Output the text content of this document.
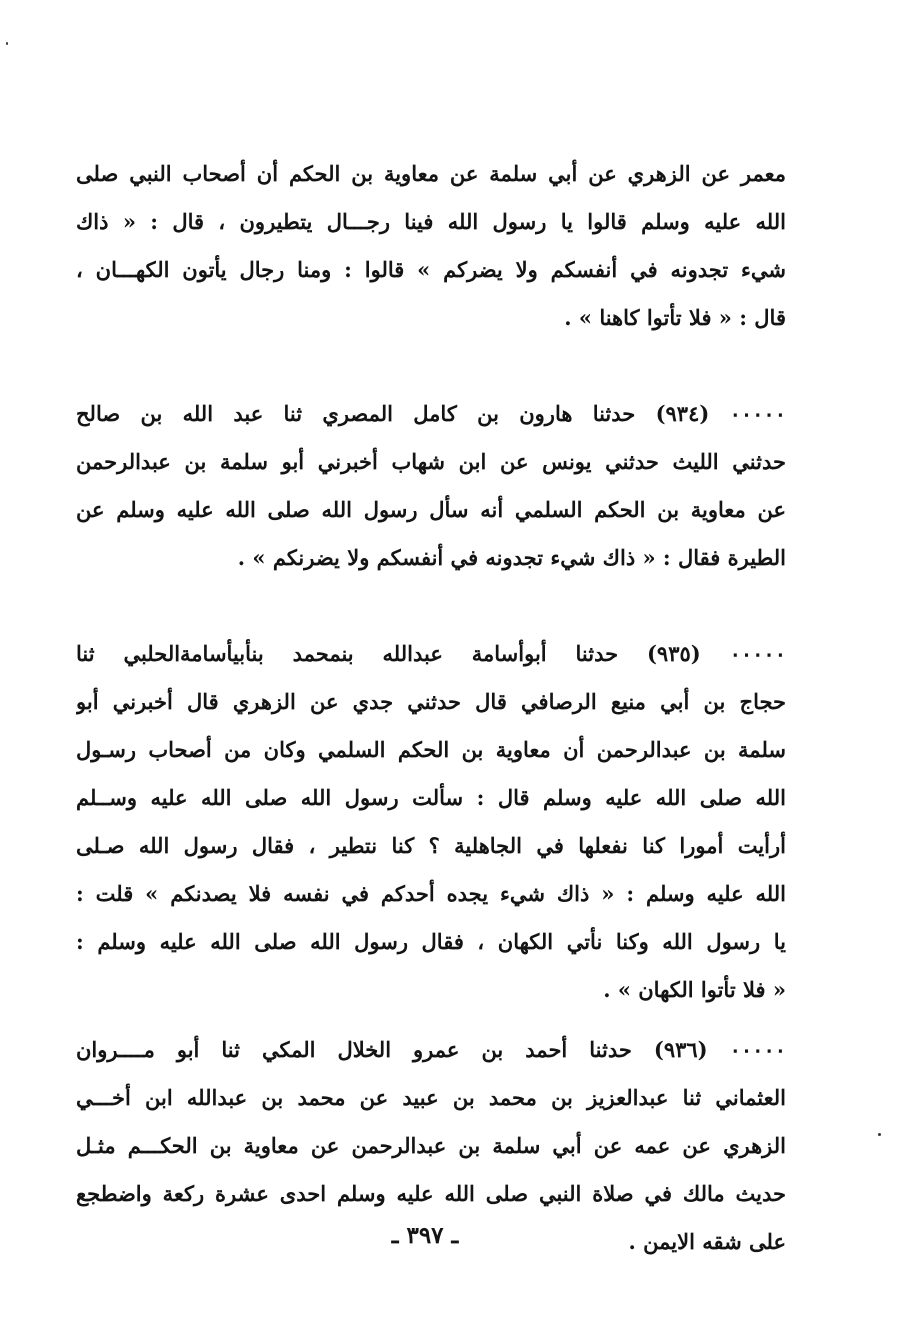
معمر عن الزهري عن أبي سلمة عن معاوية بن الحكم أن أصحاب النبي صلى
الله عليه وسلم قالوا يا رسول الله فينا رجـــال يتطيرون ، قال : « ذاك
شيء تجدونه في أنفسكم ولا يضركم » قالوا : ومنا رجال يأتون الكهـــان ،
قال : « فلا تأتوا كاهنا » .
٠٠٠٠٠ (٩٣٤) حدثنا هارون بن كامل المصري ثنا عبد الله بن صالح
حدثني الليث حدثني يونس عن ابن شهاب أخبرني أبو سلمة بن عبدالرحمن
عن معاوية بن الحكم السلمي أنه سأل رسول الله صلى الله عليه وسلم عن
الطيرة فقال : « ذاك شيء تجدونه في أنفسكم ولا يضرنكم » .
٠٠٠٠٠ (٩٣٥) حدثنا أبوأسامة عبدالله بنمحمد بنأبيأسامةالحلبي ثنا
حجاج بن أبي منيع الرصافي قال حدثني جدي عن الزهري قال أخبرني أبو
سلمة بن عبدالرحمن أن معاوية بن الحكم السلمي وكان من أصحاب رسـول
الله صلى الله عليه وسلم قال : سألت رسول الله صلى الله عليه وســلم
أرأيت أمورا كنا نفعلها في الجاهلية ؟ كنا نتطير ، فقال رسول الله صـلى
الله عليه وسلم : « ذاك شيء يجده أحدكم في نفسه فلا يصدنكم » قلت :
يا رسول الله وكنا نأتي الكهان ، فقال رسول الله صلى الله عليه وسلم :
« فلا تأتوا الكهان » .
٠٠٠٠٠ (٩٣٦) حدثنا أحمد بن عمرو الخلال المكي ثنا أبو مــــروان
العثماني ثنا عبدالعزيز بن محمد بن عبيد عن محمد بن عبدالله ابن أخـــي
الزهري عن عمه عن أبي سلمة بن عبدالرحمن عن معاوية بن الحكـــم مثـل
حديث مالك في صلاة النبي صلى الله عليه وسلم احدى عشرة ركعة واضطجع
على شقه الايمن .
ـ ٣٩٧ ـ
